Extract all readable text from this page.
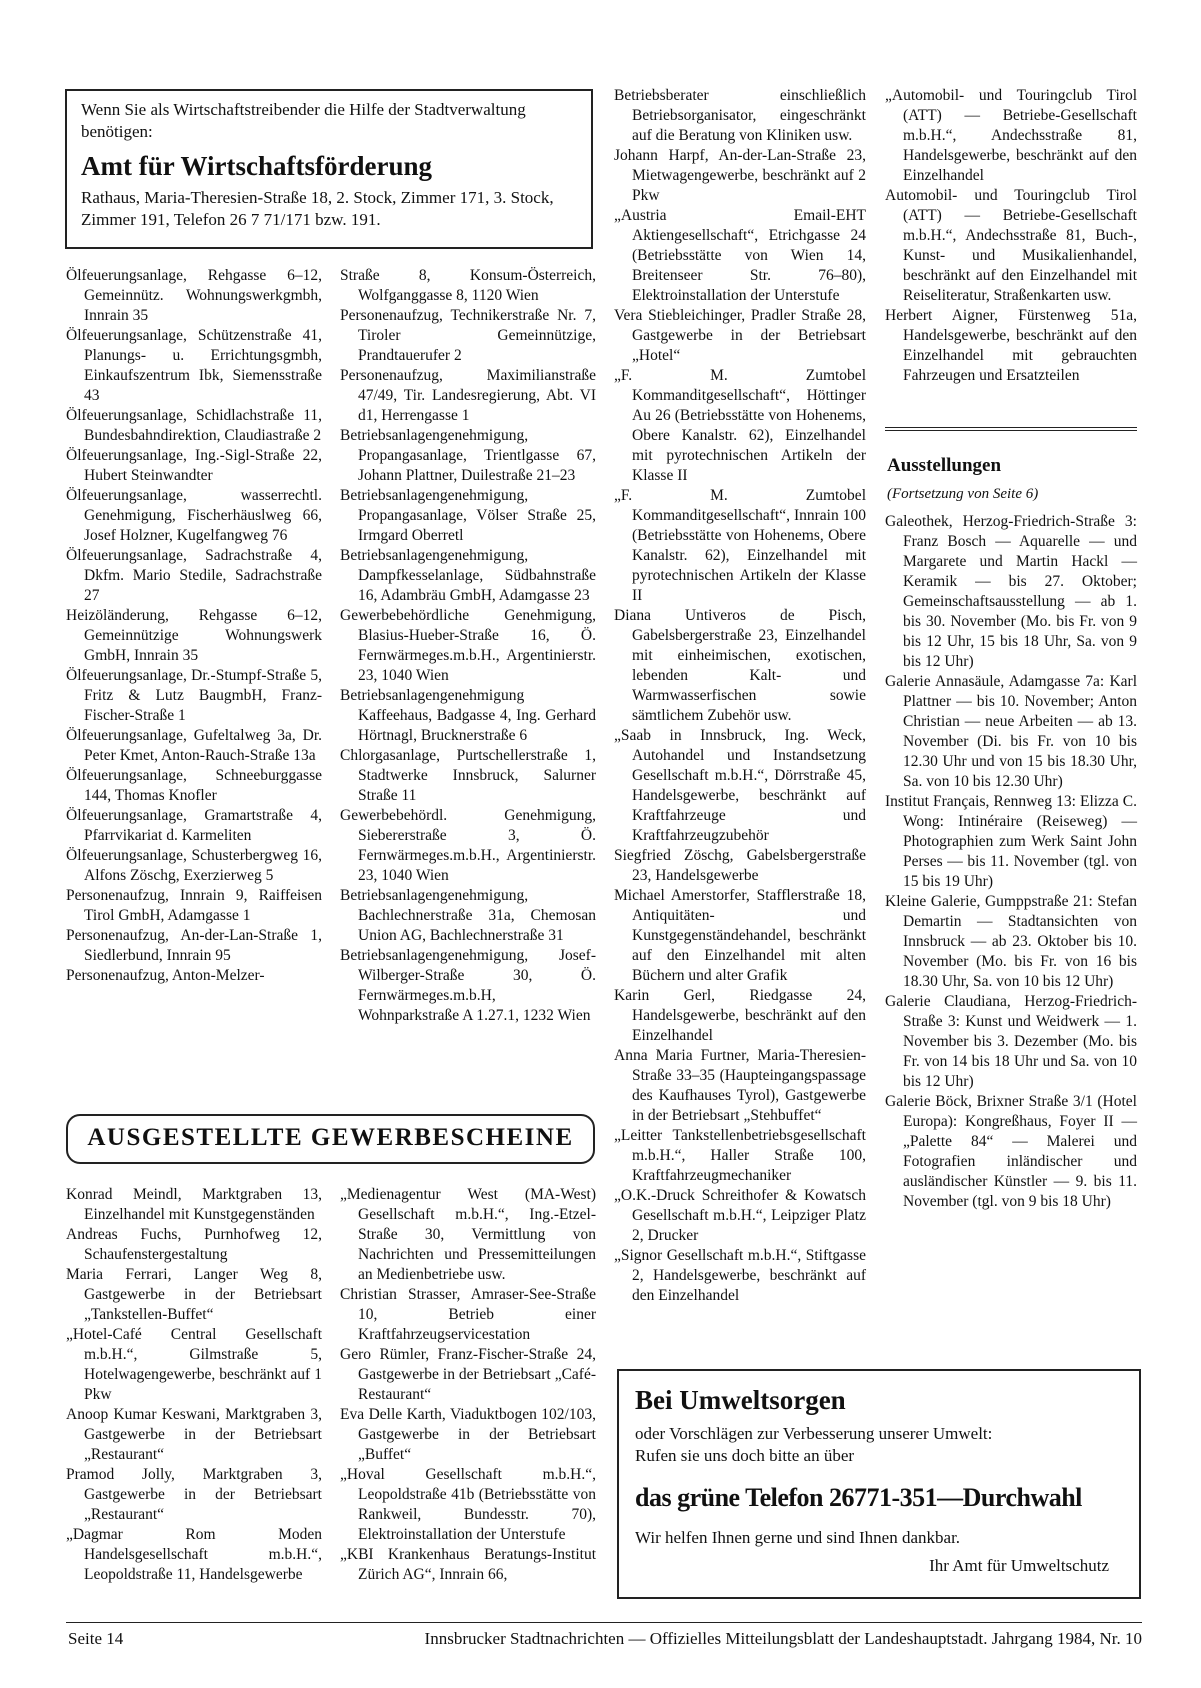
Wenn Sie als Wirtschaftstreibender die Hilfe der Stadtverwaltung benötigen:

Amt für Wirtschaftsförderung

Rathaus, Maria-Theresien-Straße 18, 2. Stock, Zimmer 171, 3. Stock, Zimmer 191, Telefon 26 7 71/171 bzw. 191.

Ölfeuerungsanlage, Rehgasse 6–12, Gemeinnütz. Wohnungswerkgmbh, Innrain 35

Ölfeuerungsanlage, Schützenstraße 41, Planungs- u. Errichtungsgmbh, Einkaufszentrum Ibk, Siemensstraße 43

Ölfeuerungsanlage, Schidlachstraße 11, Bundesbahndirektion, Claudiastraße 2

Ölfeuerungsanlage, Ing.-Sigl-Straße 22, Hubert Steinwandter

Ölfeuerungsanlage, wasserrechtl. Genehmigung, Fischerhäuslweg 66, Josef Holzner, Kugelfangweg 76

Ölfeuerungsanlage, Sadrachstraße 4, Dkfm. Mario Stedile, Sadrachstraße 27

Heizöländerung, Rehgasse 6–12, Gemeinnützige Wohnungswerk GmbH, Innrain 35

Ölfeuerungsanlage, Dr.-Stumpf-Straße 5, Fritz & Lutz BaugmbH, Franz-Fischer-Straße 1

Ölfeuerungsanlage, Gufeltalweg 3a, Dr. Peter Kmet, Anton-Rauch-Straße 13a

Ölfeuerungsanlage, Schneeburggasse 144, Thomas Knofler

Ölfeuerungsanlage, Gramartstraße 4, Pfarrvikariat d. Karmeliten

Ölfeuerungsanlage, Schusterbergweg 16, Alfons Zöschg, Exerzierweg 5

Personenaufzug, Innrain 9, Raiffeisen Tirol GmbH, Adamgasse 1

Personenaufzug, An-der-Lan-Straße 1, Siedlerbund, Innrain 95

Personenaufzug, Anton-Melzer-

Straße 8, Konsum-Österreich, Wolfganggasse 8, 1120 Wien

Personenaufzug, Technikerstraße Nr. 7, Tiroler Gemeinnützige, Prandtauerufer 2

Personenaufzug, Maximilianstraße 47/49, Tir. Landesregierung, Abt. VI d1, Herrengasse 1

Betriebsanlagengenehmigung, Propangasanlage, Trientlgasse 67, Johann Plattner, Duilestraße 21–23

Betriebsanlagengenehmigung, Propangasanlage, Völser Straße 25, Irmgard Oberretl

Betriebsanlagengenehmigung, Dampfkesselanlage, Südbahnstraße 16, Adambräu GmbH, Adamgasse 23

Gewerbebehördliche Genehmigung, Blasius-Hueber-Straße 16, Ö. Fernwärmeges.m.b.H., Argentinierstr. 23, 1040 Wien

Betriebsanlagengenehmigung Kaffeehaus, Badgasse 4, Ing. Gerhard Hörtnagl, Brucknerstraße 6

Chlorgasanlage, Purtschellerstraße 1, Stadtwerke Innsbruck, Salurner Straße 11

Gewerbebehördl. Genehmigung, Siebererstraße 3, Ö. Fernwärmeges.m.b.H., Argentinierstr. 23, 1040 Wien

Betriebsanlagengenehmigung, Bachlechnerstraße 31a, Chemosan Union AG, Bachlechnerstraße 31

Betriebsanlagengenehmigung, Josef-Wilberger-Straße 30, Ö. Fernwärmeges.m.b.H, Wohnparkstraße A 1.27.1, 1232 Wien

AUSGESTELLTE GEWERBESCHEINE

Konrad Meindl, Marktgraben 13, Einzelhandel mit Kunstgegenständen

Andreas Fuchs, Purnhofweg 12, Schaufenstergestaltung

Maria Ferrari, Langer Weg 8, Gastgewerbe in der Betriebsart „Tankstellen-Buffet“

„Hotel-Café Central Gesellschaft m.b.H.“, Gilmstraße 5, Hotelwagengewerbe, beschränkt auf 1 Pkw

Anoop Kumar Keswani, Marktgraben 3, Gastgewerbe in der Betriebsart „Restaurant“

Pramod Jolly, Marktgraben 3, Gastgewerbe in der Betriebsart „Restaurant“

„Dagmar Rom Moden Handelsgesellschaft m.b.H.“, Leopoldstraße 11, Handelsgewerbe

„Medienagentur West (MA-West) Gesellschaft m.b.H.“, Ing.-Etzel-Straße 30, Vermittlung von Nachrichten und Pressemitteilungen an Medienbetriebe usw.

Christian Strasser, Amraser-See-Straße 10, Betrieb einer Kraftfahrzeugservicestation

Gero Rümler, Franz-Fischer-Straße 24, Gastgewerbe in der Betriebsart „Café-Restaurant“

Eva Delle Karth, Viaduktbogen 102/103, Gastgewerbe in der Betriebsart „Buffet“

„Hoval Gesellschaft m.b.H.“, Leopoldstraße 41b (Betriebsstätte von Rankweil, Bundesstr. 70), Elektroinstallation der Unterstufe

„KBI Krankenhaus Beratungs-Institut Zürich AG“, Innrain 66,

Betriebsberater einschließlich Betriebsorganisator, eingeschränkt auf die Beratung von Kliniken usw.

Johann Harpf, An-der-Lan-Straße 23, Mietwagengewerbe, beschränkt auf 2 Pkw

„Austria Email-EHT Aktiengesellschaft“, Etrichgasse 24 (Betriebsstätte von Wien 14, Breitenseer Str. 76–80), Elektroinstallation der Unterstufe

Vera Stiebleichinger, Pradler Straße 28, Gastgewerbe in der Betriebsart „Hotel“

„F. M. Zumtobel Kommanditgesellschaft“, Höttinger Au 26 (Betriebsstätte von Hohenems, Obere Kanalstr. 62), Einzelhandel mit pyrotechnischen Artikeln der Klasse II

„F. M. Zumtobel Kommanditgesellschaft“, Innrain 100 (Betriebsstätte von Hohenems, Obere Kanalstr. 62), Einzelhandel mit pyrotechnischen Artikeln der Klasse II

Diana Untiveros de Pisch, Gabelsbergerstraße 23, Einzelhandel mit einheimischen, exotischen, lebenden Kalt- und Warmwasserfischen sowie sämtlichem Zubehör usw.

„Saab in Innsbruck, Ing. Weck, Autohandel und Instandsetzung Gesellschaft m.b.H.“, Dörrstraße 45, Handelsgewerbe, beschränkt auf Kraftfahrzeuge und Kraftfahrzeugzubehör

Siegfried Zöschg, Gabelsbergerstraße 23, Handelsgewerbe

Michael Amerstorfer, Stafflerstraße 18, Antiquitäten- und Kunstgegenständehandel, beschränkt auf den Einzelhandel mit alten Büchern und alter Grafik

Karin Gerl, Riedgasse 24, Handelsgewerbe, beschränkt auf den Einzelhandel

Anna Maria Furtner, Maria-Theresien-Straße 33–35 (Haupteingangspassage des Kaufhauses Tyrol), Gastgewerbe in der Betriebsart „Stehbuffet“

„Leitter Tankstellenbetriebsgesellschaft m.b.H.“, Haller Straße 100, Kraftfahrzeugmechaniker

„O.K.-Druck Schreithofer & Kowatsch Gesellschaft m.b.H.“, Leipziger Platz 2, Drucker

„Signor Gesellschaft m.b.H.“, Stiftgasse 2, Handelsgewerbe, beschränkt auf den Einzelhandel

„Automobil- und Touringclub Tirol (ATT) — Betriebe-Gesellschaft m.b.H.“, Andechsstraße 81, Handelsgewerbe, beschränkt auf den Einzelhandel

Automobil- und Touringclub Tirol (ATT) — Betriebe-Gesellschaft m.b.H.“, Andechsstraße 81, Buch-, Kunst- und Musikalienhandel, beschränkt auf den Einzelhandel mit Reiseliteratur, Straßenkarten usw.

Herbert Aigner, Fürstenweg 51a, Handelsgewerbe, beschränkt auf den Einzelhandel mit gebrauchten Fahrzeugen und Ersatzteilen

Ausstellungen

(Fortsetzung von Seite 6)

Galeothek, Herzog-Friedrich-Straße 3: Franz Bosch — Aquarelle — und Margarete und Martin Hackl — Keramik — bis 27. Oktober; Gemeinschaftsausstellung — ab 1. bis 30. November (Mo. bis Fr. von 9 bis 12 Uhr, 15 bis 18 Uhr, Sa. von 9 bis 12 Uhr)

Galerie Annasäule, Adamgasse 7a: Karl Plattner — bis 10. November; Anton Christian — neue Arbeiten — ab 13. November (Di. bis Fr. von 10 bis 12.30 Uhr und von 15 bis 18.30 Uhr, Sa. von 10 bis 12.30 Uhr)

Institut Français, Rennweg 13: Elizza C. Wong: Intinéraire (Reiseweg) — Photographien zum Werk Saint John Perses — bis 11. November (tgl. von 15 bis 19 Uhr)

Kleine Galerie, Gumppstraße 21: Stefan Demartin — Stadtansichten von Innsbruck — ab 23. Oktober bis 10. November (Mo. bis Fr. von 16 bis 18.30 Uhr, Sa. von 10 bis 12 Uhr)

Galerie Claudiana, Herzog-Friedrich-Straße 3: Kunst und Weidwerk — 1. November bis 3. Dezember (Mo. bis Fr. von 14 bis 18 Uhr und Sa. von 10 bis 12 Uhr)

Galerie Böck, Brixner Straße 3/1 (Hotel Europa): Kongreßhaus, Foyer II — „Palette 84“ — Malerei und Fotografien inländischer und ausländischer Künstler — 9. bis 11. November (tgl. von 9 bis 18 Uhr)

Bei Umweltsorgen

oder Vorschlägen zur Verbesserung unserer Umwelt:

Rufen sie uns doch bitte an über

das grüne Telefon 26771-351—Durchwahl

Wir helfen Ihnen gerne und sind Ihnen dankbar.

Ihr Amt für Umweltschutz

Seite 14	Innsbrucker Stadtnachrichten — Offizielles Mitteilungsblatt der Landeshauptstadt. Jahrgang 1984, Nr. 10
